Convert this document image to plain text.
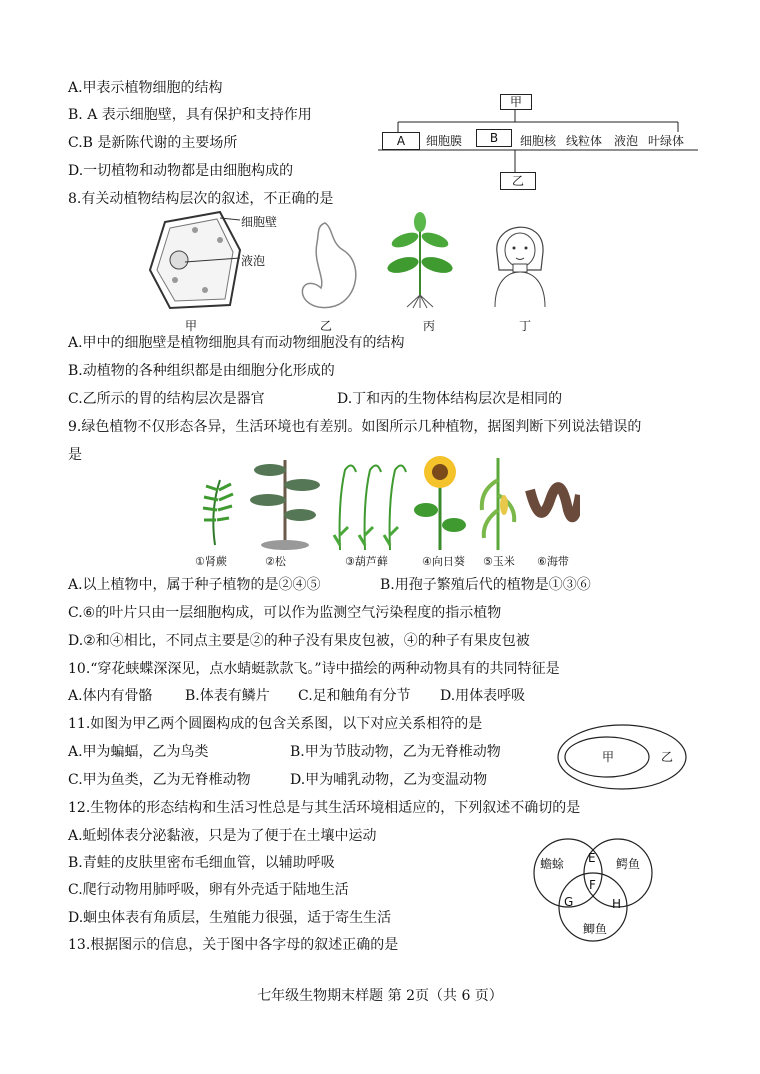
A.甲表示植物细胞的结构
B. A 表示细胞壁，具有保护和支持作用
C.B 是新陈代谢的主要场所
D.一切植物和动物都是由细胞构成的
甲
A	细胞膜	B	细胞核 线粒体 液泡 叶绿体
乙
8.有关动植物结构层次的叙述，不正确的是
细胞壁
液泡
甲	乙	丙	丁
A.甲中的细胞壁是植物细胞具有而动物细胞没有的结构
B.动植物的各种组织都是由细胞分化形成的
C.乙所示的胃的结构层次是器官	D.丁和丙的生物体结构层次是相同的
9.绿色植物不仅形态各异，生活环境也有差别。如图所示几种植物，据图判断下列说法错误的
是
①肾蕨	②松	③葫芦藓	④向日葵 ⑤玉米 ⑥海带
A.以上植物中，属于种子植物的是②④⑤	B.用孢子繁殖后代的植物是①③⑥
C.⑥的叶片只由一层细胞构成，可以作为监测空气污染程度的指示植物
D.②和④相比，不同点主要是②的种子没有果皮包被，④的种子有果皮包被
10.“穿花蛱蝶深深见，点水蜻蜓款款飞。”诗中描绘的两种动物具有的共同特征是
A.体内有骨骼 B.体表有鳞片 C.足和触角有分节 D.用体表呼吸
11.如图为甲乙两个圆圈构成的包含关系图，以下对应关系相符的是
A.甲为蝙蝠，乙为鸟类	B.甲为节肢动物，乙为无脊椎动物
C.甲为鱼类，乙为无脊椎动物	D.甲为哺乳动物，乙为变温动物
甲	乙
12.生物体的形态结构和生活习性总是与其生活环境相适应的，下列叙述不确切的是
A.蚯蚓体表分泌黏液，只是为了便于在土壤中运动
B.青蛙的皮肤里密布毛细血管，以辅助呼吸
C.爬行动物用肺呼吸，卵有外壳适于陆地生活
D.蛔虫体表有角质层，生殖能力很强，适于寄生生活
13.根据图示的信息，关于图中各字母的叙述正确的是
蟾蜍	鳄鱼
鲫鱼
E
F
G	H
七年级生物期末样题 第 2页（共 6 页）
